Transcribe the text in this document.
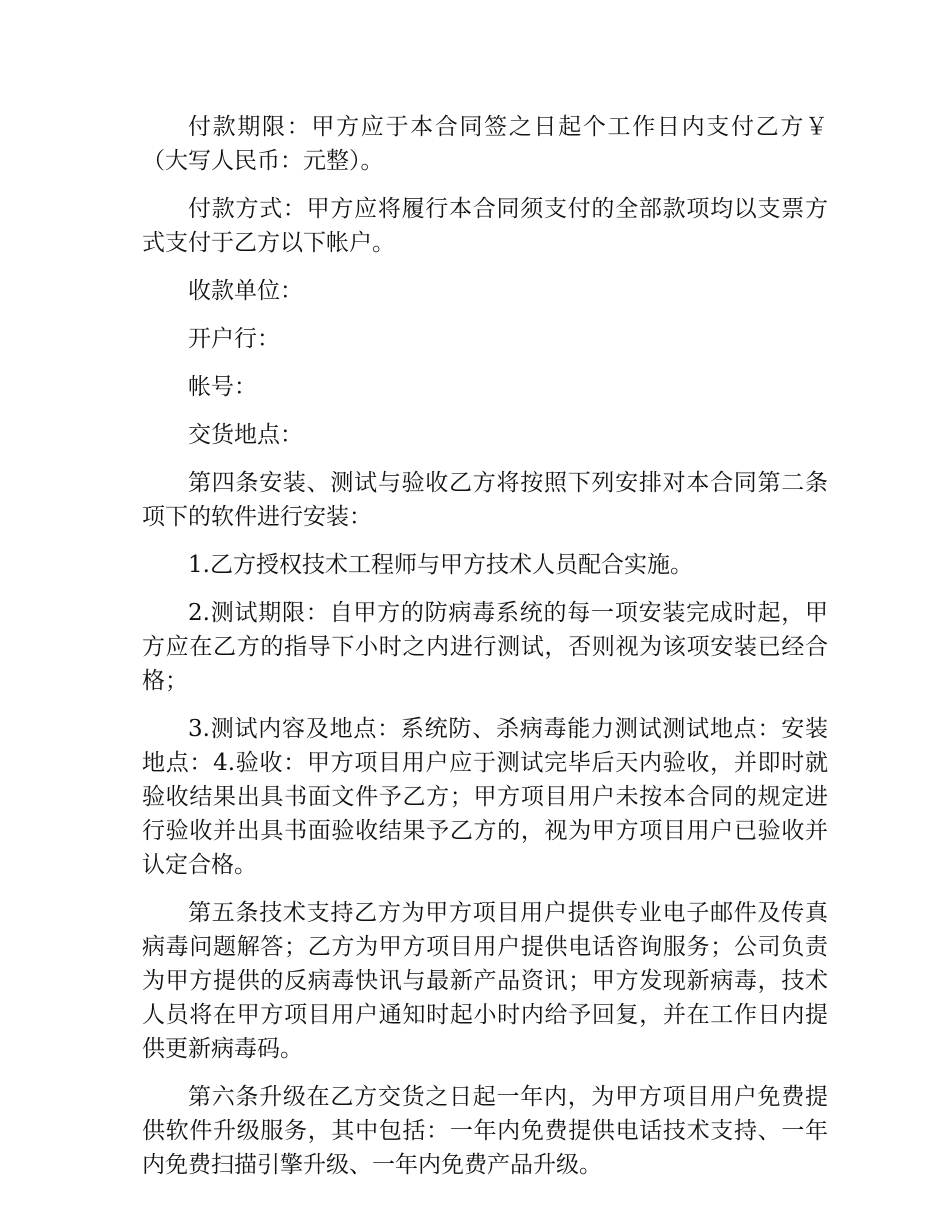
付款期限：甲方应于本合同签之日起个工作日内支付乙方￥（大写人民币：元整）。

付款方式：甲方应将履行本合同须支付的全部款项均以支票方式支付于乙方以下帐户。

收款单位：

开户行：

帐号：

交货地点：

第四条安装、测试与验收乙方将按照下列安排对本合同第二条项下的软件进行安装：

1.乙方授权技术工程师与甲方技术人员配合实施。

2.测试期限：自甲方的防病毒系统的每一项安装完成时起，甲方应在乙方的指导下小时之内进行测试，否则视为该项安装已经合格；

3.测试内容及地点：系统防、杀病毒能力测试测试地点：安装地点：4.验收：甲方项目用户应于测试完毕后天内验收，并即时就验收结果出具书面文件予乙方；甲方项目用户未按本合同的规定进行验收并出具书面验收结果予乙方的，视为甲方项目用户已验收并认定合格。

第五条技术支持乙方为甲方项目用户提供专业电子邮件及传真病毒问题解答；乙方为甲方项目用户提供电话咨询服务；公司负责为甲方提供的反病毒快讯与最新产品资讯；甲方发现新病毒，技术人员将在甲方项目用户通知时起小时内给予回复，并在工作日内提供更新病毒码。

第六条升级在乙方交货之日起一年内，为甲方项目用户免费提供软件升级服务，其中包括：一年内免费提供电话技术支持、一年内免费扫描引擎升级、一年内免费产品升级。
